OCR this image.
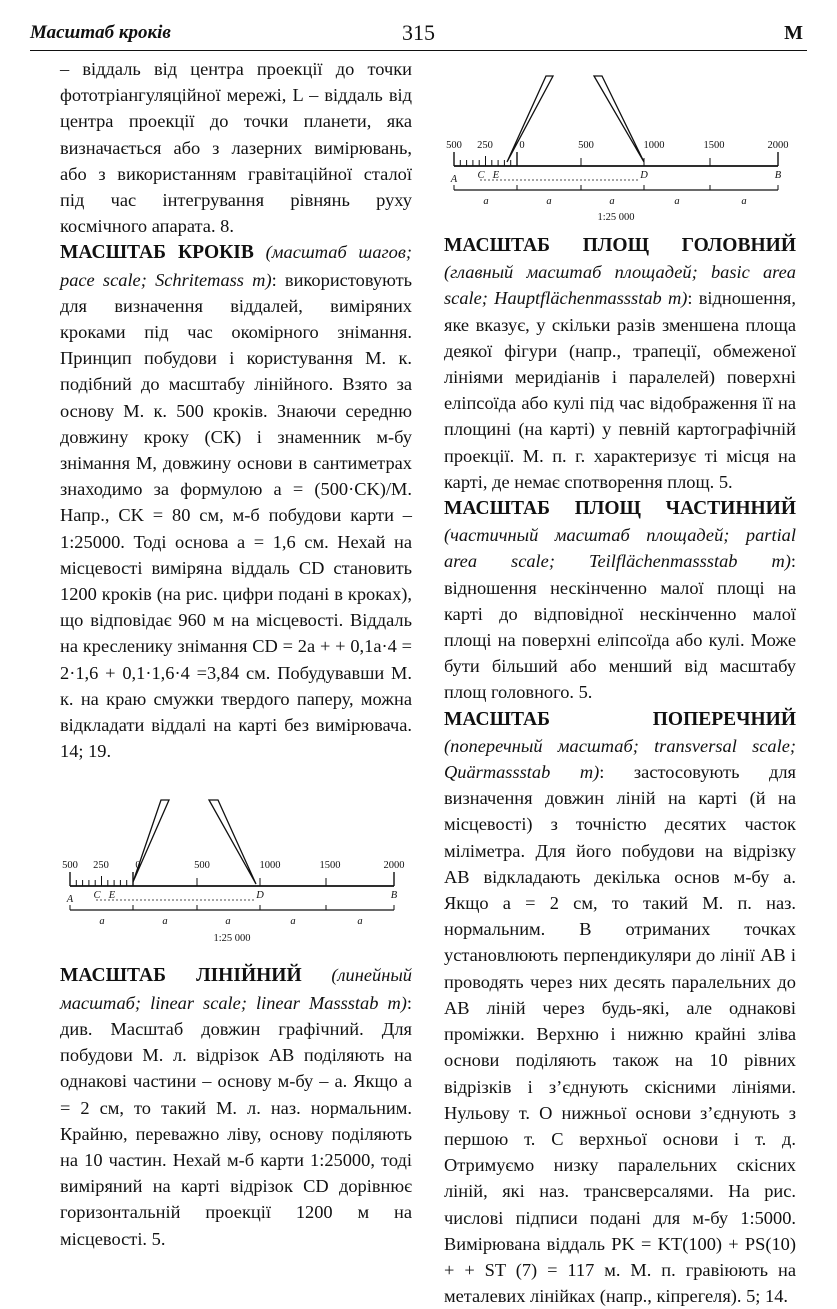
Масштаб кроків	315	М

– віддаль від центра проекції до точки фототріангуляційної мережі, L – віддаль від центра проекції до точки планети, яка визначається або з лазерних вимірювань, або з використанням гравітаційної сталої під час інтегрування рівнянь руху космічного апарата. 8.

МАСШТАБ КРОКІВ (масштаб шагов; pace scale; Schritemass m): використовують для визначення віддалей, виміряних кроками під час окомірного знімання. Принцип побудови і користування М. к. подібний до масштабу лінійного. Взято за основу М. к. 500 кроків. Знаючи середню довжину кроку (СК) і знаменник м-бу знімання М, довжину основи в сантиметрах знаходимо за формулою a = (500·CK)/M. Напр., CK = 80 см, м-б побудови карти – 1:25000. Тоді основа a = 1,6 см. Нехай на місцевості виміряна віддаль CD становить 1200 кроків (на рис. цифри подані в кроках), що відповідає 960 м на місцевості. Віддаль на кресленику знімання CD = 2a + + 0,1a·4 = 2·1,6 + 0,1·1,6·4 =3,84 см. Побудувавши М. к. на краю смужки твердого паперу, можна відкладати віддалі на карті без вимірювача. 14; 19.

500 250	0	500	1000	1500	2000
A C E	D	B
a	a	a	a	a
1:25 000

МАСШТАБ ЛІНІЙНИЙ (линейный масштаб; linear scale; linear Massstab m): див. Масштаб довжин графічний. Для побудови М. л. відрізок AB поділяють на однакові частини – основу м-бу – a. Якщо a = 2 см, то такий М. л. наз. нормальним. Крайню, переважно ліву, основу поділяють на 10 частин. Нехай м-б карти 1:25000, тоді виміряний на карті відрізок CD дорівнює горизонтальній проекції 1200 м на місцевості. 5.

500 250	0	500	1000	1500	2000
A C E	D	B
a	a	a	a	a
1:25 000

МАСШТАБ ПЛОЩ ГОЛОВНИЙ (главный масштаб площадей; basic area scale; Hauptflächenmassstab m): відношення, яке вказує, у скільки разів зменшена площа деякої фігури (напр., трапеції, обмеженої лініями меридіанів і паралелей) поверхні еліпсоїда або кулі під час відображення її на площині (на карті) у певній картографічній проекції. М. п. г. характеризує ті місця на карті, де немає спотворення площ. 5.

МАСШТАБ ПЛОЩ ЧАСТИННИЙ (частичный масштаб площадей; partial area scale; Teilflächenmassstab m): відношення нескінченно малої площі на карті до відповідної нескінченно малої площі на поверхні еліпсоїда або кулі. Може бути більший або менший від масштабу площ головного. 5.

МАСШТАБ ПОПЕРЕЧНИЙ (поперечный масштаб; transversal scale; Quärmassstab m): застосовують для визначення довжин ліній на карті (й на місцевості) з точністю десятих часток міліметра. Для його побудови на відрізку AB відкладають декілька основ м-бу a. Якщо a = 2 см, то такий М. п. наз. нормальним. В отриманих точках установлюють перпендикуляри до лінії AB і проводять через них десять паралельних до AB ліній через будь-які, але однакові проміжки. Верхню і нижню крайні зліва основи поділяють також на 10 рівних відрізків і з’єднують скісними лініями. Нульову т. O нижньої основи з’єднують з першою т. C верхньої основи і т. д. Отримуємо низку паралельних скісних ліній, які наз. трансверсалями. На рис. числові підписи подані для м-бу 1:5000. Вимірювана віддаль PK = KT(100) + PS(10) + + ST (7) = 117 м. М. п. гравіюють на металевих лінійках (напр., кіпрегеля). 5; 14.
